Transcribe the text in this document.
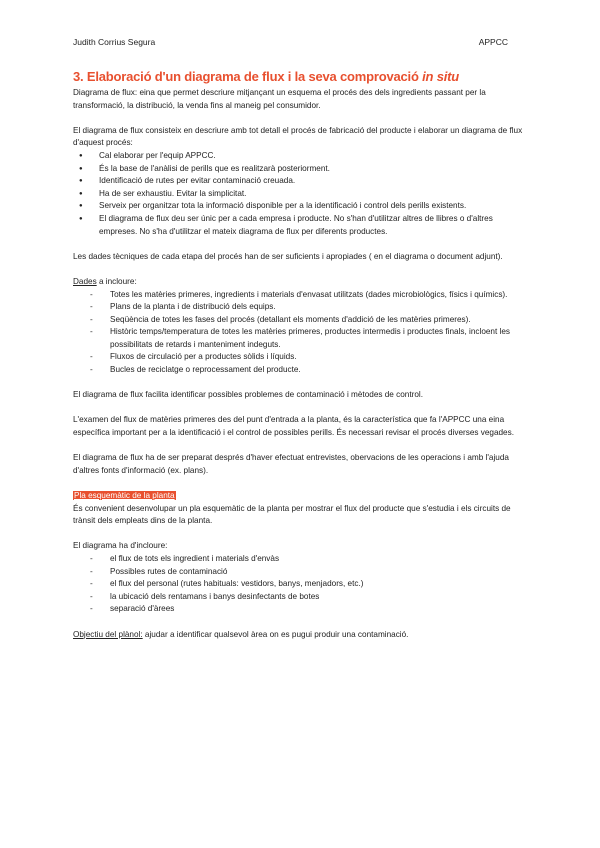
Judith Corrius Segura	APPCC
3. Elaboració d'un diagrama de flux i la seva comprovació in situ

Diagrama de flux: eina que permet descriure mitjançant un esquema el procés des dels ingredients passant per la transformació, la distribució, la venda fins al maneig pel consumidor.

El diagrama de flux consisteix en descriure amb tot detall el procés de fabricació del producte i elaborar un diagrama de flux d'aquest procés:

● Cal elaborar per l'equip APPCC.
● És la base de l'anàlisi de perills que es realitzarà posteriorment.
● Identificació de rutes per evitar contaminació creuada.
● Ha de ser exhaustiu. Evitar la simplicitat.
● Serveix per organitzar tota la informació disponible per a la identificació i control dels perills existents.
● El diagrama de flux deu ser únic per a cada empresa i producte. No s'han d'utilitzar altres de llibres o d'altres empreses. No s'ha d'utilitzar el mateix diagrama de flux per diferents productes.

Les dades tècniques de cada etapa del procés han de ser suficients i apropiades ( en el diagrama o document adjunt).

Dades a incloure:

- Totes les matèries primeres, ingredients i materials d'envasat utilitzats (dades microbiològics, físics i químics).
- Plans de la planta i de distribució dels equips.
- Seqüència de totes les fases del procés (detallant els moments d'addició de les matèries primeres).
- Històric temps/temperatura de totes les matèries primeres, productes intermedis i productes finals, incloent les possibilitats de retards i manteniment indeguts.
- Fluxos de circulació per a productes sòlids i líquids.
- Bucles de reciclatge o reprocessament del producte.

El diagrama de flux facilita identificar possibles problemes de contaminació i mètodes de control.

L'examen del flux de matèries primeres des del punt d'entrada a la planta, és la característica que fa l'APPCC una eina específica important per a la identificació i el control de possibles perills. És necessari revisar el procés diverses vegades.

El diagrama de flux ha de ser preparat després d'haver efectuat entrevistes, obervacions de les operacions i amb l'ajuda d'altres fonts d'informació (ex. plans).

Pla esquemàtic de la planta

És convenient desenvolupar un pla esquemàtic de la planta per mostrar el flux del producte que s'estudia i els circuits de trànsit dels empleats dins de la planta.

El diagrama ha d'incloure:

- el flux de tots els ingredient i materials d'envàs
- Possibles rutes de contaminació
- el flux del personal (rutes habituals: vestidors, banys, menjadors, etc.)
- la ubicació dels rentamans i banys desinfectants de botes
- separació d'àrees

Objectiu del plànol: ajudar a identificar qualsevol àrea on es pugui produir una contaminació.
